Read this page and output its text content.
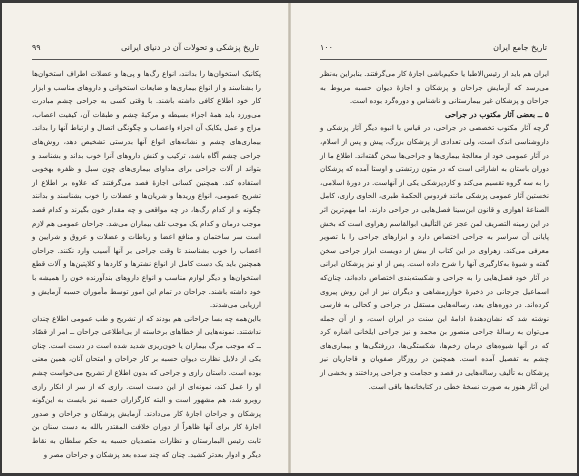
تاریخ پزشکی و تحولات آن در دنیای ایرانی
۹۹

پکانیک استخوان‌ها را بدانند، انواع رگ‌ها و پی‌ها و عضلات اطراف استخوان‌ها را بشناسند و از انواع بیماری‌ها و ضایعات استخوانی و داروهای مناسب و ابزار کار خود اطلاع کافی داشته باشند. با وقتی کسی به جراحی چشم مبادرت می‌ورزد باید همهٔ اجزاء بسیطه و مرکبهٔ چشم و طبقات آن، کیفیت اعصاب، مزاج و عمل یکایک آن اجزاء واعصاب و چگونگی اتصال و ارتباط آنها را بداند. بیماری‌های چشم و نشانه‌های انواع آنها بدرستی تشخیص دهد، روش‌های جراحی چشم آگاه باشد، ترکیب و کنش داروهای آنرا خوب بداند و بشناسد و بتواند از آلات جراحی برای مداوای بیماری‌های چون سبل و ظفره بهخوبی استفاده کند. همچنین کسانی اجازهٔ فصد می‌گرفتند که علاوه بر اطلاع از تشریح عمومی، انواع وریدها و شریان‌ها و عضلات را خوب بشناسند و بدانند چگونه و از کدام رگ‌ها، در چه مواقعی و چه مقدار خون بگیرند و کدام قصد موجب درمان و کدام یک موجب تلف بیماران می‌شد. جراحان عمومی هم لازم است سر ساختمان و منافع اعضا و رباطات و عضلات و عروق و شرایین و اعصاب را خوب بشناسند تا وقت جراحی بر آنها آسیب وارد نکنند. جراحان همچنین باید یک دست کامل از انواع نشترها و کاردها و کلاپتین‌ها و آلات قطع استخوان‌ها و دیگر لوازم مناسب و انواع داروهای بندآورنده خون را همیشه با خود داشته باشند. جراحان در تمام این امور توسط مأموران حسبه آزمایش و ارزیابی می‌شدند.

بااین‌همه چه بسا جراحانی هم بودند که از تشریح و طب عمومی اطلاع چندان نداشتند. نمونه‌هایی از خطاهای برخاسته از بی‌اطلاعی جراحان ــ امر از قصّاد ــ که موجب مرگ بیماران یا خون‌ریزی شدید شده است در دست است. چنان یکی از دلایل نظارت دیوان حسبه بر کار جراحان و امتحان آنان، همین معنی بوده است. داستان رازی و جراحی که بدون اطلاع از تشریح می‌خواست چشم او را عمل کند، نمونه‌ای از این دست است. رازی که از سر از انکار رازی روبرو شد، هم مشهور است و البته کارگزاران حسبه نیز بایست به این‌گونه پزشکان و جراحان اجازهٔ کار می‌دادند. آزمایش پزشکان و جراحان و صدور اجازهٔ کار برای آنها ظاهراً از دوران خلافت المقتدر بالله به دست سنان بن ثابت رئیس البمارستان و نظارات متصدیان حسبه به حکم سلطان به نقاط دیگر و ادوار بعدتر کشید. چنان که چند سده بعد پزشکان و جراحان مصر و

تاریخ جامع ایران
۱۰۰

ایران هم باید از رئیس‌الاطبا یا حکیم‌باشی اجازهٔ کار می‌گرفتند. بنابراین به‌نظر می‌رسد که آزمایش جراحان و پزشکان و اجازهٔ دیوان حسبه مربوط به جراحان و پزشکان غیر بیمارستانی و ناشناس و دوره‌گرد بوده است.

۵ ــ بعضی آثار مکتوب در جراحی

گرچه آثار مکتوب تخصصی در جراحی، در قیاس با انبوه دیگر آثار پزشکی و داروشناسی اندک است، ولی تعدادی از پزشکان بزرگ، پیش و پس از اسلام، در آثار عمومی خود از معالجهٔ بیماری‌ها و جراحی‌ها سخن گفته‌اند. اطلاع ما از دوران باستان به اشاراتی است که در متون زرتشتی و اوستا آمده که پزشکان را به سه گروه تقسیم می‌کند و کاردپزشکی یکی از آنهاست. در دورهٔ اسلامی، نخستین آثار عمومی پزشکی مانند فردوس الحکمهٔ طبری، الحاوی رازی، کامل الصناعهٔ اهوازی و قانون ابن‌سینا فصل‌هایی در جراحی دارند. اما مهم‌ترین اثر در این زمینه التصریف لمن عجز عن التألیف ابوالقاسم زهراوی است که بخش پایانی آن سراسر به جراحی اختصاص دارد و ابزارهای جراحی را با تصویر معرفی می‌کند. زهراوی در این کتاب از بیش از دویست ابزار جراحی سخن گفته و شیوهٔ به‌کارگیری آنها را شرح داده است. پس از او نیز پزشکان ایرانی در آثار خود فصل‌هایی را به جراحی و شکسته‌بندی اختصاص داده‌اند، چنان‌که اسماعیل جرجانی در ذخیرهٔ خوارزمشاهی و دیگران نیز از این روش پیروی کرده‌اند. در دوره‌های بعد، رساله‌هایی مستقل در جراحی و کحالی به فارسی نوشته شد که نشان‌دهندهٔ ادامهٔ این سنت در ایران است، و از آن جمله می‌توان به رسالهٔ جراحی منصور بن محمد و نیز جراحی ایلخانی اشاره کرد که در آنها شیوه‌های درمان زخم‌ها، شکستگی‌ها، دررفتگی‌ها و بیماری‌های چشم به تفصیل آمده است. همچنین در روزگار صفویان و قاجاریان نیز پزشکان به تألیف رساله‌هایی در فصد و حجامت و جراحی پرداختند و بخشی از این آثار هنوز به صورت نسخهٔ خطی در کتابخانه‌ها باقی است.
